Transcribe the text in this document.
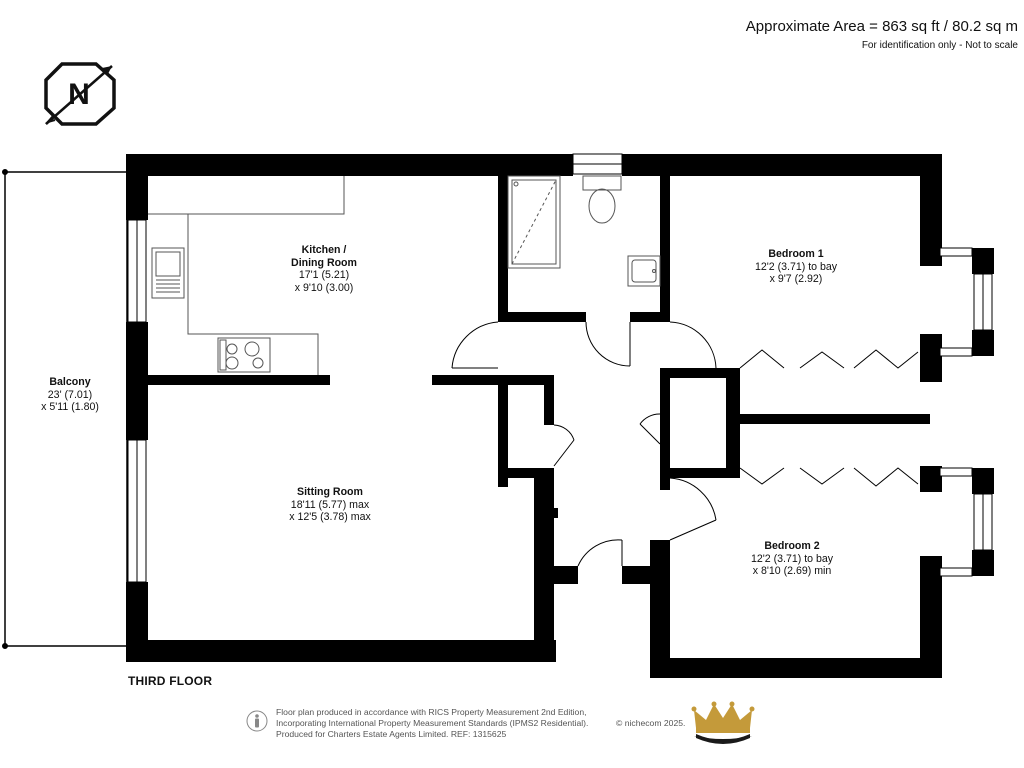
Approximate Area = 863 sq ft / 80.2 sq m
For identification only - Not to scale
N
Kitchen /
Dining Room
17'1 (5.21)
x 9'10 (3.00)
Balcony
23' (7.01)
x 5'11 (1.80)
Sitting Room
18'11 (5.77) max
x 12'5 (3.78) max
Bedroom 1
12'2 (3.71) to bay
x 9'7 (2.92)
Bedroom 2
12'2 (3.71) to bay
x 8'10 (2.69) min
THIRD FLOOR
Floor plan produced in accordance with RICS Property Measurement 2nd Edition,
Incorporating International Property Measurement Standards (IPMS2 Residential).
Produced for Charters Estate Agents Limited. REF: 1315625
© nichecom 2025.
